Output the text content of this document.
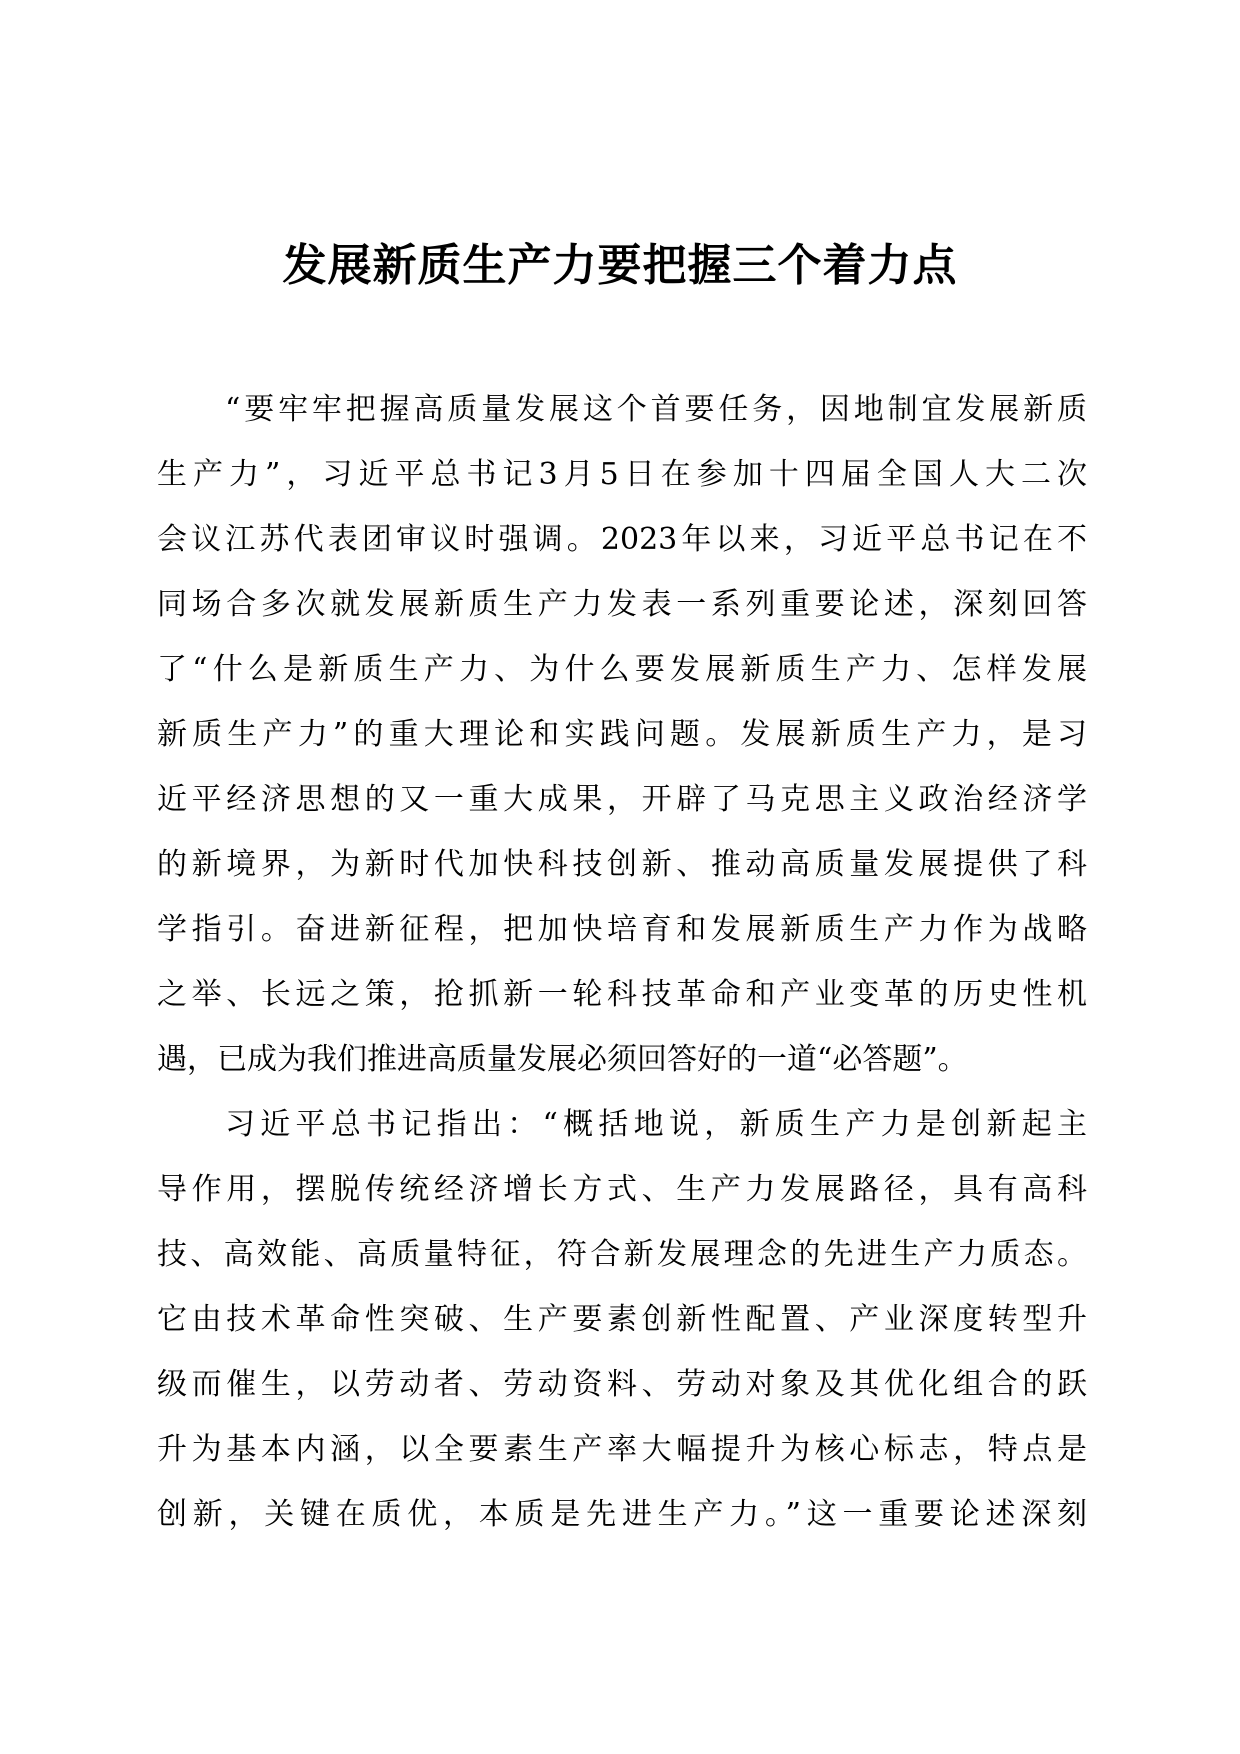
发展新质生产力要把握三个着力点
“要牢牢把握高质量发展这个首要任务，因地制宜发展新质
生产力”，习近平总书记3月5日在参加十四届全国人大二次
会议江苏代表团审议时强调。2023年以来，习近平总书记在不
同场合多次就发展新质生产力发表一系列重要论述，深刻回答
了“什么是新质生产力、为什么要发展新质生产力、怎样发展
新质生产力”的重大理论和实践问题。发展新质生产力，是习
近平经济思想的又一重大成果，开辟了马克思主义政治经济学
的新境界，为新时代加快科技创新、推动高质量发展提供了科
学指引。奋进新征程，把加快培育和发展新质生产力作为战略
之举、长远之策，抢抓新一轮科技革命和产业变革的历史性机
遇，已成为我们推进高质量发展必须回答好的一道“必答题”。
习近平总书记指出：“概括地说，新质生产力是创新起主
导作用，摆脱传统经济增长方式、生产力发展路径，具有高科
技、高效能、高质量特征，符合新发展理念的先进生产力质态。
它由技术革命性突破、生产要素创新性配置、产业深度转型升
级而催生，以劳动者、劳动资料、劳动对象及其优化组合的跃
升为基本内涵，以全要素生产率大幅提升为核心标志，特点是
创新，关键在质优，本质是先进生产力。”这一重要论述深刻
